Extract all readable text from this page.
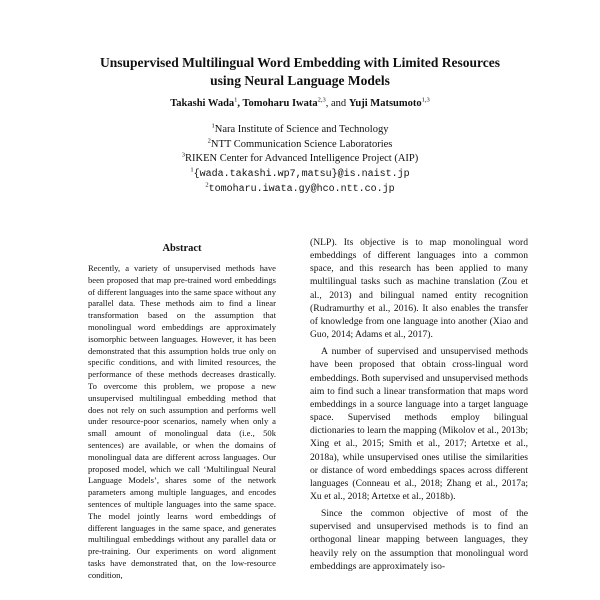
Unsupervised Multilingual Word Embedding with Limited Resources
using Neural Language Models
Takashi Wada$^1$, Tomoharu Iwata$^{2,3}$, and Yuji Matsumoto$^{1,3}$
$^1$Nara Institute of Science and Technology
$^2$NTT Communication Science Laboratories
$^3$RIKEN Center for Advanced Intelligence Project (AIP)
$^1${wada.takashi.wp7,matsu}@is.naist.jp
$^2$tomoharu.iwata.gy@hco.ntt.co.jp
Abstract
Recently, a variety of unsupervised methods have been proposed that map pre-trained word embeddings of different languages into the same space without any parallel data. These methods aim to find a linear transformation based on the assumption that monolingual word embeddings are approximately isomorphic between languages. However, it has been demonstrated that this assumption holds true only on specific conditions, and with limited resources, the performance of these methods decreases drastically. To overcome this problem, we propose a new unsupervised multilingual embedding method that does not rely on such assumption and performs well under resource-poor scenarios, namely when only a small amount of monolingual data (i.e., 50k sentences) are available, or when the domains of monolingual data are different across languages. Our proposed model, which we call ‘Multilingual Neural Language Models’, shares some of the network parameters among multiple languages, and encodes sentences of multiple languages into the same space. The model jointly learns word embeddings of different languages in the same space, and generates multilingual embeddings without any parallel data or pre-training. Our experiments on word alignment tasks have demonstrated that, on the low-resource condition,

(NLP). Its objective is to map monolingual word embeddings of different languages into a common space, and this research has been applied to many multilingual tasks such as machine translation (Zou et al., 2013) and bilingual named entity recognition (Rudramurthy et al., 2016). It also enables the transfer of knowledge from one language into another (Xiao and Guo, 2014; Adams et al., 2017).

A number of supervised and unsupervised methods have been proposed that obtain cross-lingual word embeddings. Both supervised and unsupervised methods aim to find such a linear transformation that maps word embeddings in a source language into a target language space. Supervised methods employ bilingual dictionaries to learn the mapping (Mikolov et al., 2013b; Xing et al., 2015; Smith et al., 2017; Artetxe et al., 2018a), while unsupervised ones utilise the similarities or distance of word embeddings spaces across different languages (Conneau et al., 2018; Zhang et al., 2017a; Xu et al., 2018; Artetxe et al., 2018b).

Since the common objective of most of the supervised and unsupervised methods is to find an orthogonal linear mapping between languages, they heavily rely on the assumption that monolingual word embeddings are approximately iso-
